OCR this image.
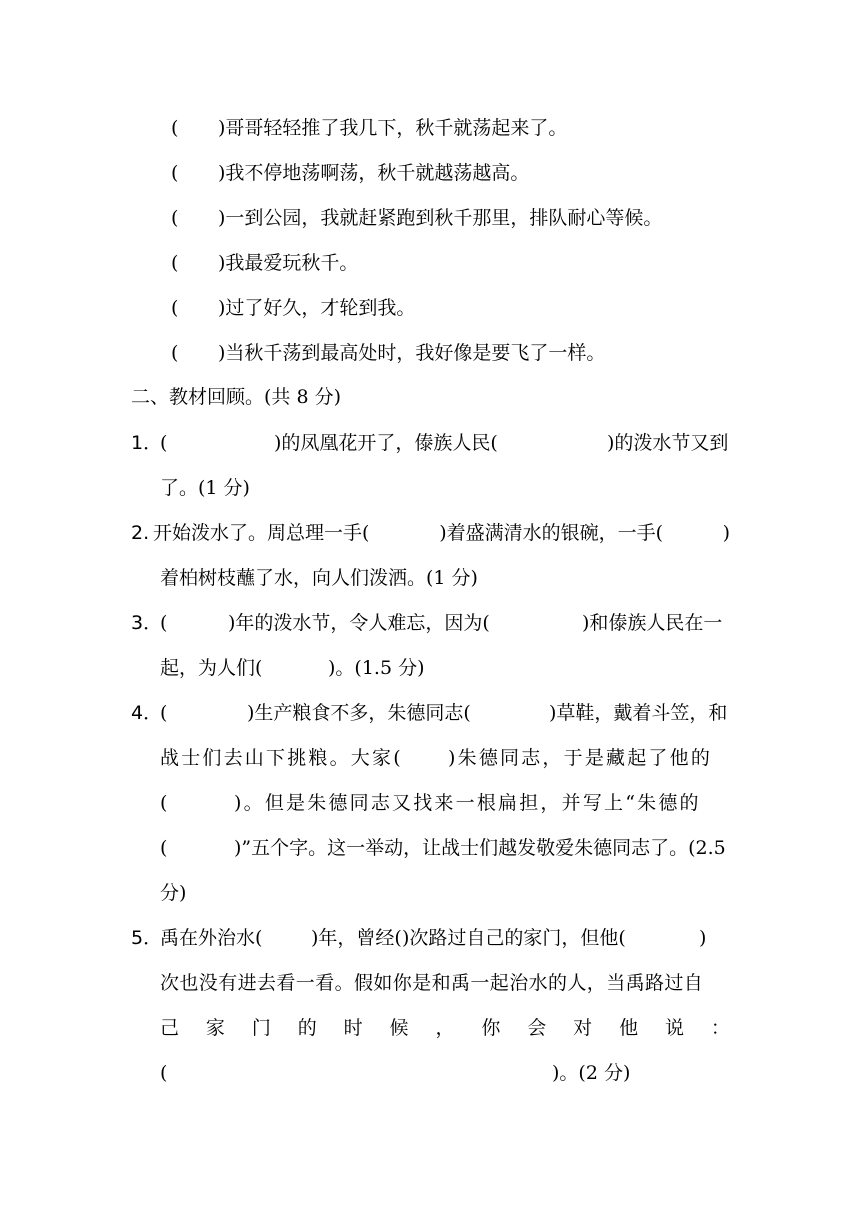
( )哥哥轻轻推了我几下，秋千就荡起来了。
( )我不停地荡啊荡，秋千就越荡越高。
( )一到公园，我就赶紧跑到秋千那里，排队耐心等候。
( )我最爱玩秋千。
( )过了好久，才轮到我。
( )当秋千荡到最高处时，我好像是要飞了一样。
二、教材回顾。(共 8 分)
1．
(	)的凤凰花开了，傣族人民(	)的泼水节又到
了。(1 分)
2. 开始泼水了。周总理一手(	)着盛满清水的银碗，一手(	)
着柏树枝蘸了水，向人们泼洒。(1 分)
3．
(	)年的泼水节，令人难忘，因为(	)和傣族人民在一
起，为人们(	)。(1.5 分)
4．
(	)生产粮食不多，朱德同志(	)草鞋，戴着斗笠，和
战士们去山下挑粮。大家(	)朱德同志，于是藏起了他的
(	)。但是朱德同志又找来一根扁担，并写上“朱德的
(	)”五个字。这一举动，让战士们越发敬爱朱德同志了。(2.5
分)
5．
禹在外治水(	)年，曾经( )次路过自己的家门，但他(	)
次也没有进去看一看。假如你是和禹一起治水的人，当禹路过自
己 家 门 的 时 候 ， 你 会 对 他 说 ：
(	)。(2 分)
